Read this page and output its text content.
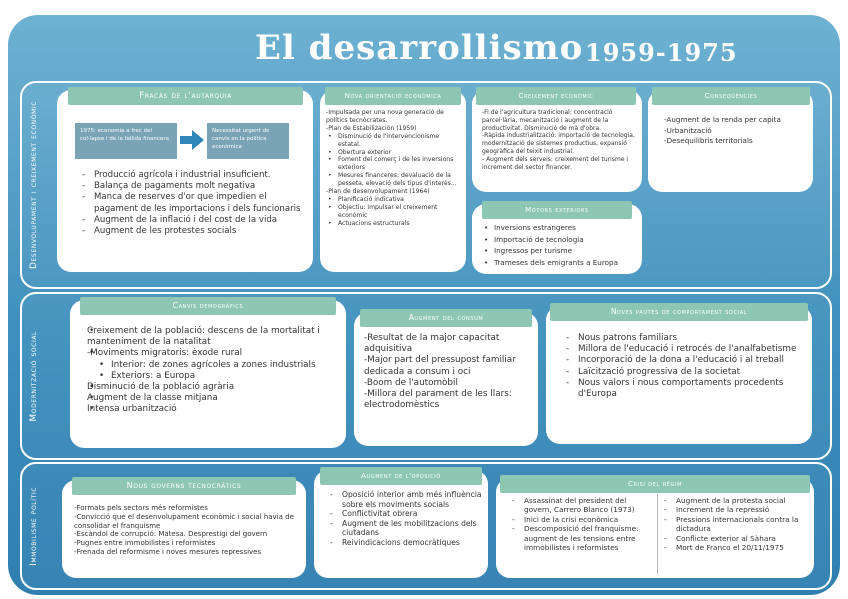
El desarrollismo 1959-1975
Desenvolupament i creixement econòmic
Modernització social
Immobilisme polític
Fracàs de l'autarquia
1975: economia a frec del col·lapse i de la fallida financera
Necessitat urgent de canvis en la política econòmica
- Producció agrícola i industrial insuficient.
- Balança de pagaments molt negativa
- Manca de reserves d'or que impedien el pagament de les importacions i dels funcionaris
- Augment de la inflació i del cost de la vida
- Augment de les protestes socials
Nova orientació econòmica
-Impulsada per una nova generació de polítics tecnòcrates.
-Plan de Estabilización (1959)
• Disminució de l'intervencionisme estatal.
• Obertura exterior
• Foment del comerç i de les inversions exteriors
• Mesures financeres: devaluació de la pesseta, elevació dels tipus d'interès...
-Plan de desenvolupament (1964)
• Planificació indicativa
• Objectiu: impulsar el creixement econòmic
• Actuacions estructurals
Creixement econòmic
-Fi de l'agricultura tradicional: concentració parcel·lària, mecanització i augment de la productivitat. Disminució de mà d'obra.
-Ràpida industrialització: importació de tecnologia, modernització de sistemes productius, expansió geogràfica del teixit industrial.
- Augment dels serveis: creixement del turisme i increment del sector financer.
Conseqüències
-Augment de la renda per capita
-Urbanització
-Desequilibris territorials
Motors exteriors
• Inversions estrangeres
• Importació de tecnologia
• Ingressos per turisme
• Trameses dels emigrants a Europa
Canvis demogràfics
• Creixement de la població: descens de la mortalitat i manteniment de la natalitat
• -Moviments migratoris: èxode rural
• Interior: de zones agrícoles a zones industrials
• Exteriors: a Europa
• Disminució de la població agrària
• Augment de la classe mitjana
• Intensa urbanització
Augment del consum
-Resultat de la major capacitat adquisitiva
-Major part del pressupost familiar dedicada a consum i oci
-Boom de l'automòbil
-Millora del parament de les llars: electrodomèstics
Noves pautes de comportament social
- Nous patrons familiars
- Millora de l'educació i retrocés de l'analfabetisme
- Incorporació de la dona a l'educació i al treball
- Laïcització progressiva de la societat
- Nous valors i nous comportaments procedents d'Europa
Nous governs tecnocràtics
-Formats pels sectors més reformistes
-Convicció que el desenvolupament econòmic i social havia de consolidar el franquisme
-Escàndol de corrupció: Matesa. Desprestigi del govern
-Pugnes entre immobilistes i reformistes
-Frenada del reformisme i noves mesures repressives
Augment de l'oposició
- Oposició interior amb més influència sobre els moviments socials
- Conflictivitat obrera
- Augment de les mobilitzacions dels ciutadans
- Reivindicacions democràtiques
Crisi del règim
- Assassinat del president del govern, Carrero Blanco (1973)
- Inici de la crisi econòmica
- Descomposició del franquisme: augment de les tensions entre immobilistes i reformistes
- Augment de la protesta social
- Increment de la repressió
- Pressions internacionals contra la dictadura
- Conflicte exterior al Sàhara
- Mort de Franco el 20/11/1975
